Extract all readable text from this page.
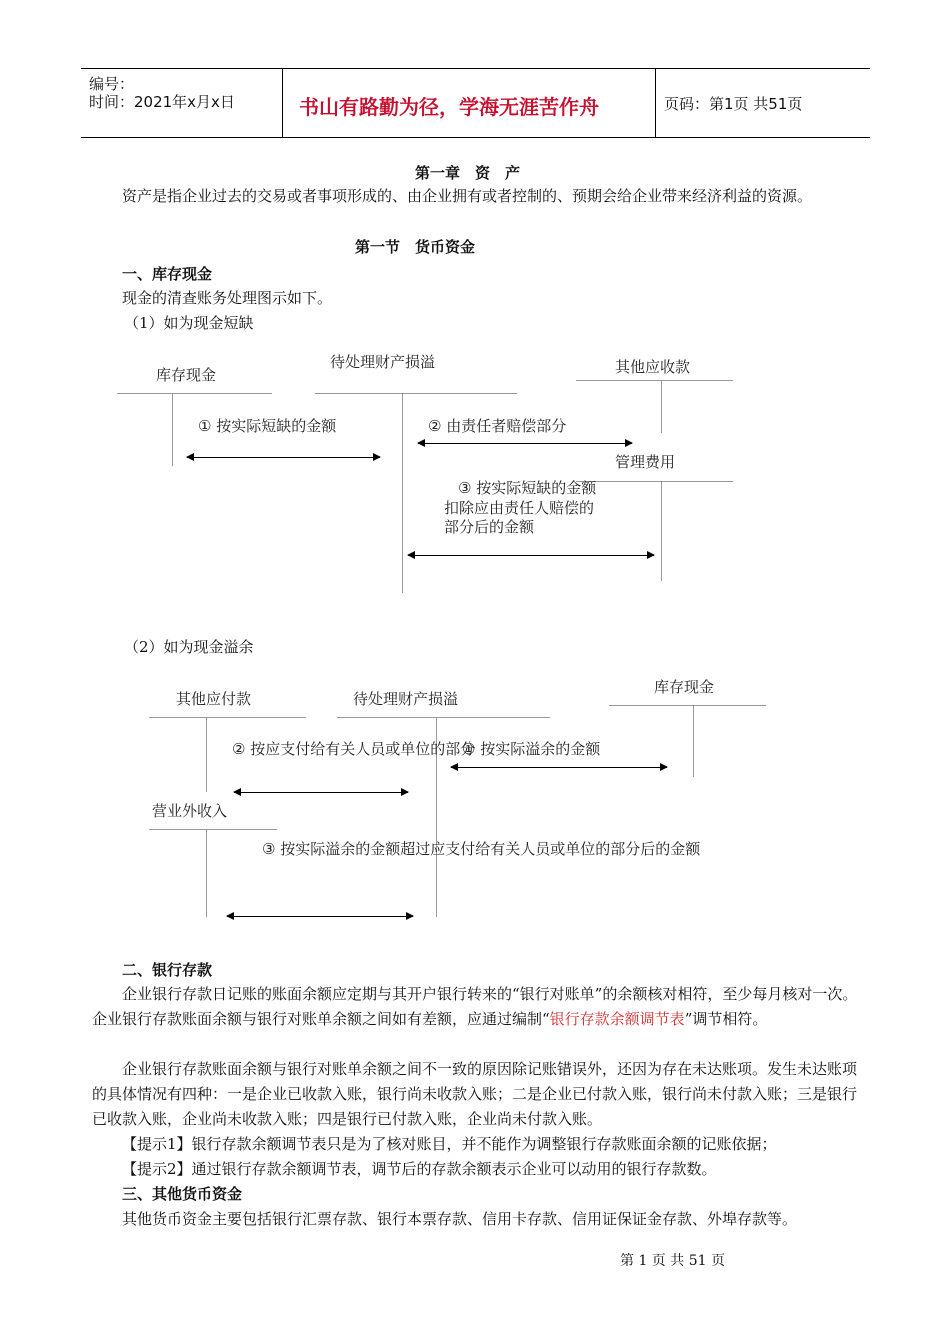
编号：
时间：2021年x月x日	书山有路勤为径，学海无涯苦作舟	页码：第1页 共51页
第一章　资　产
资产是指企业过去的交易或者事项形成的、由企业拥有或者控制的、预期会给企业带来经济利益的资源。
第一节　货币资金
一、库存现金
现金的清查账务处理图示如下。
（1）如为现金短缺
库存现金
待处理财产损溢	其他应收款
管理费用
① 按实际短缺的金额	② 由责任者赔偿部分
③ 按实际短缺的金额
扣除应由责任人赔偿的
部分后的金额
（2）如为现金溢余
其他应付款	待处理财产损溢
库存现金
营业外收入
② 按应支付给有关人员或单位的部分
① 按实际溢余的金额
③ 按实际溢余的金额超过应支付给有关人员或单位的部分后的金额
二、银行存款
企业银行存款日记账的账面余额应定期与其开户银行转来的“银行对账单”的余额核对相符，至少每月核对一次。企业银行存款账面余额与银行对账单余额之间如有差额，应通过编制“银行存款余额调节表”调节相符。
企业银行存款账面余额与银行对账单余额之间不一致的原因除记账错误外，还因为存在未达账项。发生未达账项的具体情况有四种：一是企业已收款入账，银行尚未收款入账；二是企业已付款入账，银行尚未付款入账；三是银行已收款入账，企业尚未收款入账；四是银行已付款入账，企业尚未付款入账。
【提示1】银行存款余额调节表只是为了核对账目，并不能作为调整银行存款账面余额的记账依据；
【提示2】通过银行存款余额调节表，调节后的存款余额表示企业可以动用的银行存款数。
三、其他货币资金
其他货币资金主要包括银行汇票存款、银行本票存款、信用卡存款、信用证保证金存款、外埠存款等。
第 1 页 共 51 页
